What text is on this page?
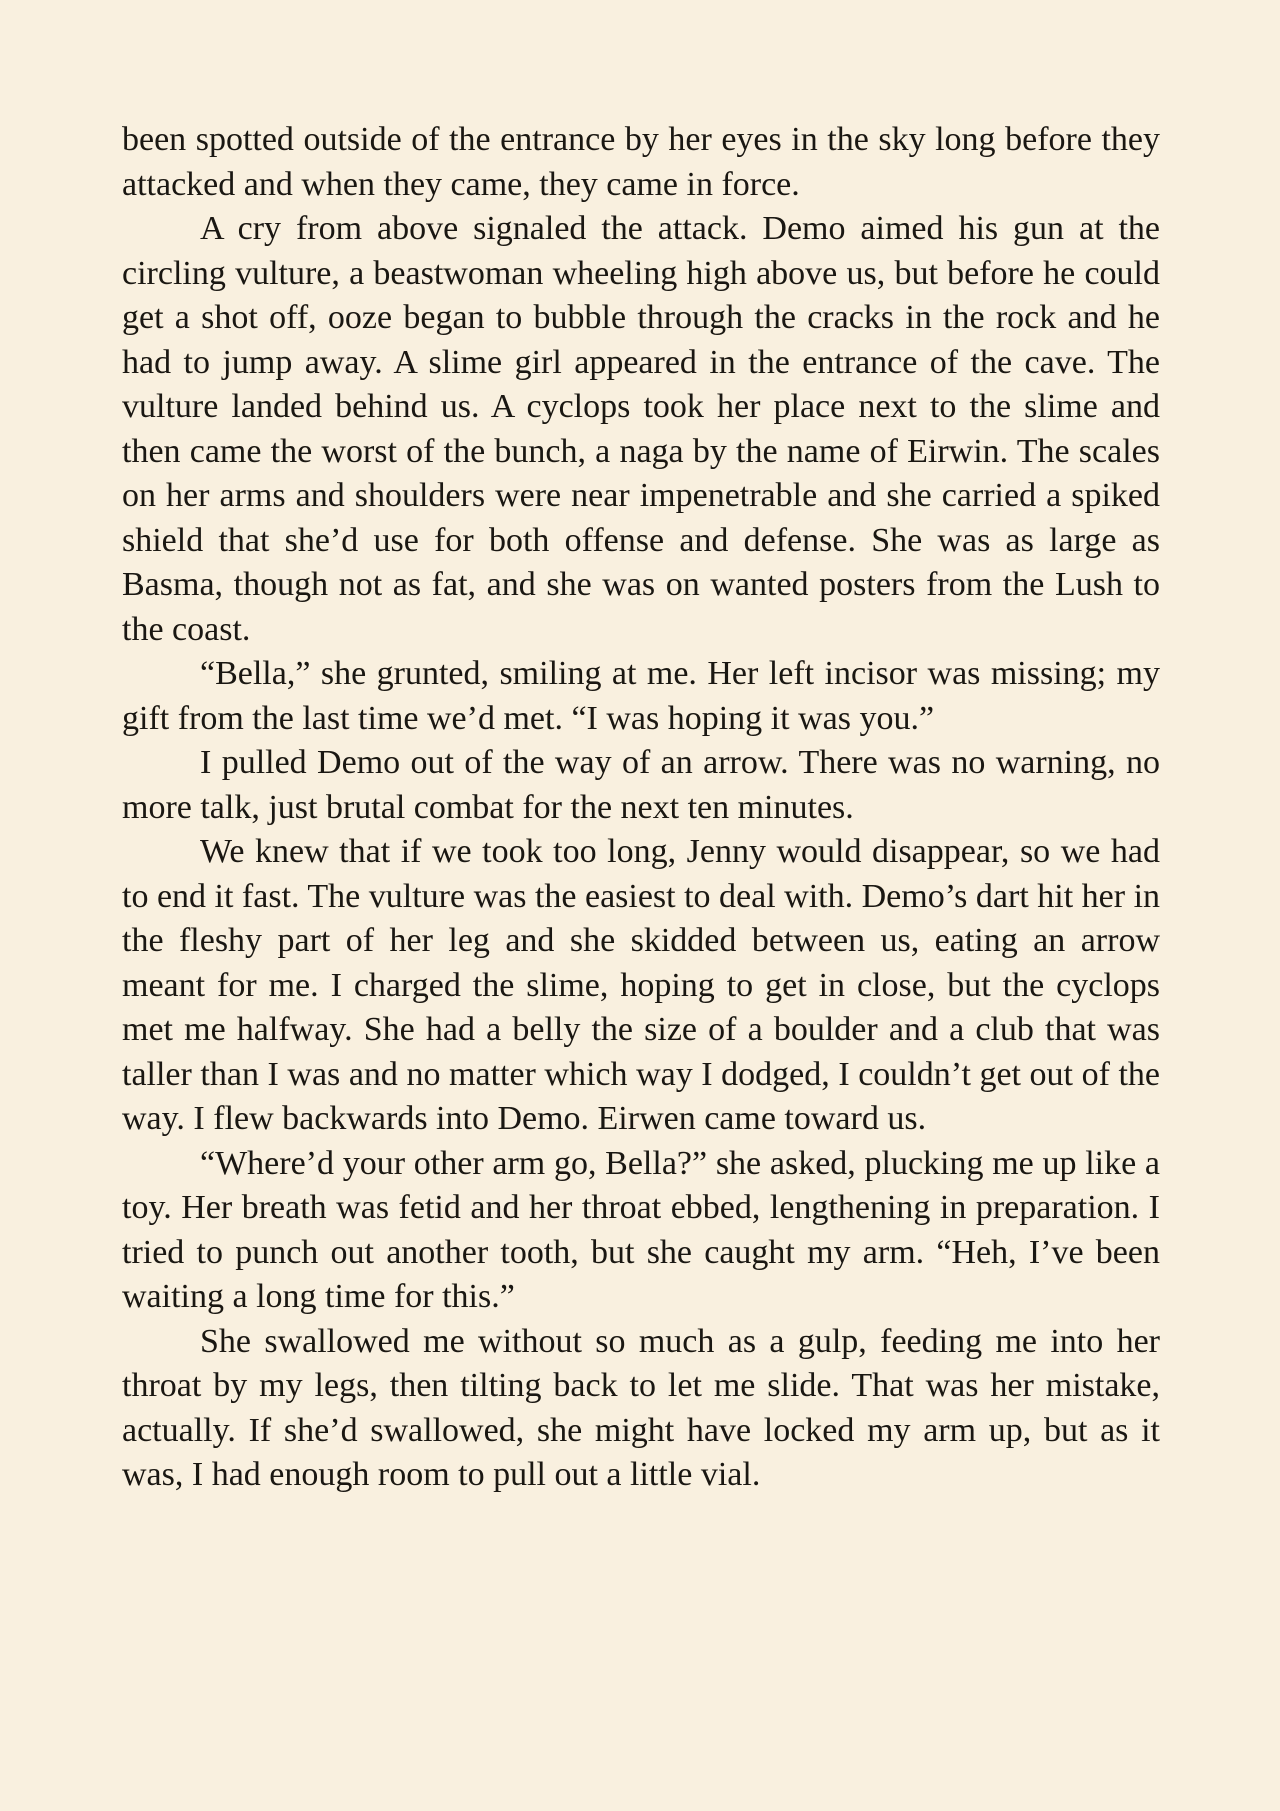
been spotted outside of the entrance by her eyes in the sky long before they attacked and when they came, they came in force.

A cry from above signaled the attack. Demo aimed his gun at the circling vulture, a beastwoman wheeling high above us, but before he could get a shot off, ooze began to bubble through the cracks in the rock and he had to jump away. A slime girl appeared in the entrance of the cave. The vulture landed behind us. A cyclops took her place next to the slime and then came the worst of the bunch, a naga by the name of Eirwin. The scales on her arms and shoulders were near impenetrable and she carried a spiked shield that she’d use for both offense and defense. She was as large as Basma, though not as fat, and she was on wanted posters from the Lush to the coast.

“Bella,” she grunted, smiling at me. Her left incisor was missing; my gift from the last time we’d met. “I was hoping it was you.”

I pulled Demo out of the way of an arrow. There was no warning, no more talk, just brutal combat for the next ten minutes.

We knew that if we took too long, Jenny would disappear, so we had to end it fast. The vulture was the easiest to deal with. Demo’s dart hit her in the fleshy part of her leg and she skidded between us, eating an arrow meant for me. I charged the slime, hoping to get in close, but the cyclops met me halfway. She had a belly the size of a boulder and a club that was taller than I was and no matter which way I dodged, I couldn’t get out of the way. I flew backwards into Demo. Eirwen came toward us.

“Where’d your other arm go, Bella?” she asked, plucking me up like a toy. Her breath was fetid and her throat ebbed, lengthening in preparation. I tried to punch out another tooth, but she caught my arm. “Heh, I’ve been waiting a long time for this.”

She swallowed me without so much as a gulp, feeding me into her throat by my legs, then tilting back to let me slide. That was her mistake, actually. If she’d swallowed, she might have locked my arm up, but as it was, I had enough room to pull out a little vial.
